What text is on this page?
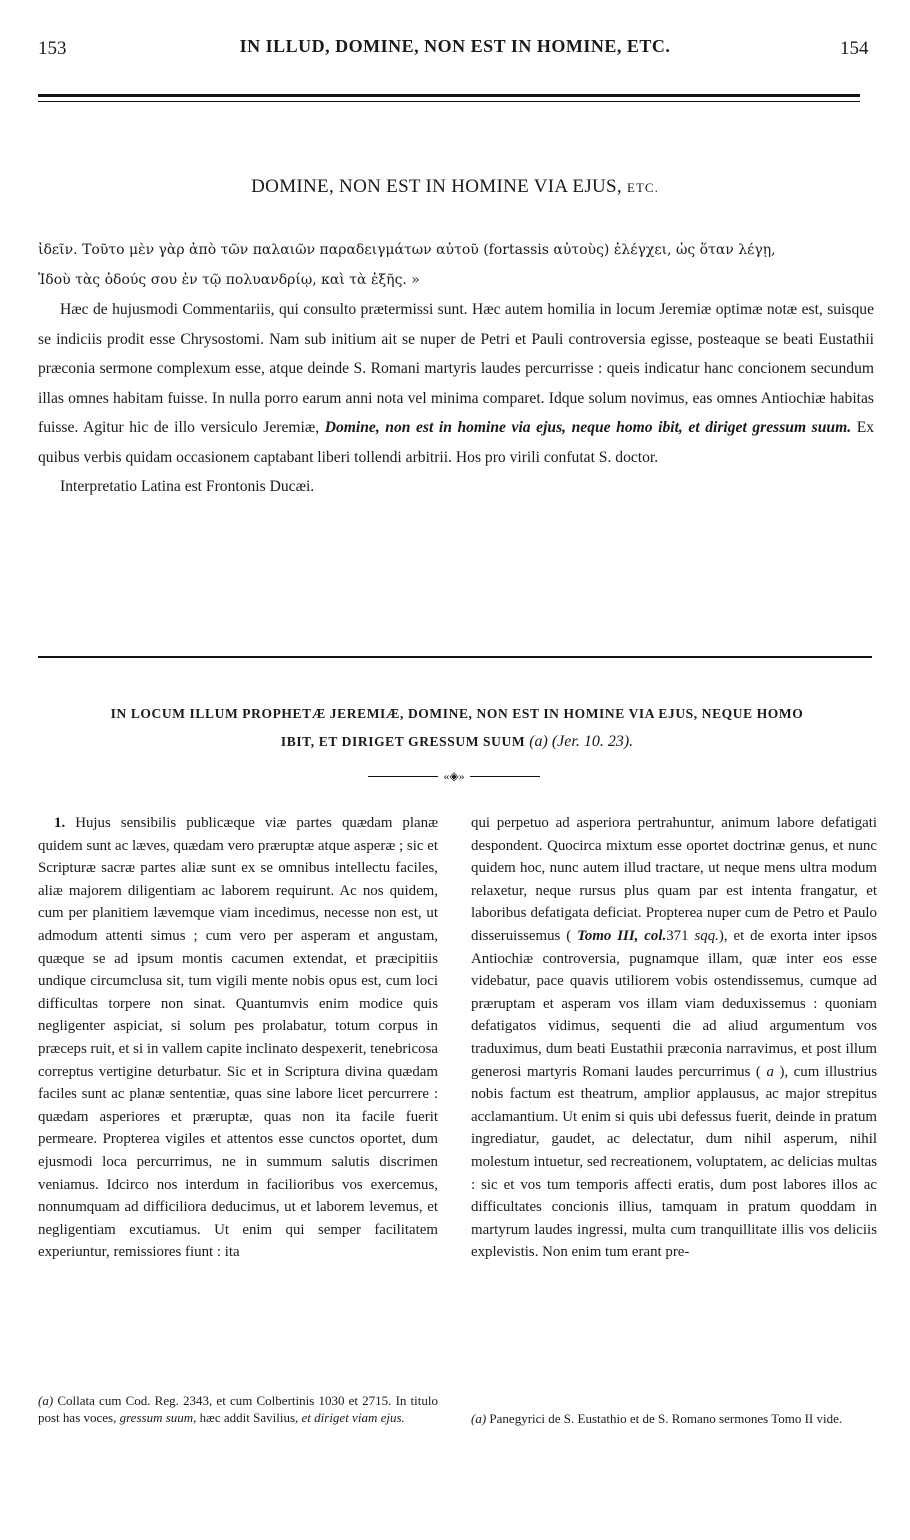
153	IN ILLUD, DOMINE, NON EST IN HOMINE, ETC.	154
DOMINE, NON EST IN HOMINE VIA EJUS, ETC.

ἰδεῖν. Τοῦτο μὲν γὰρ ἀπὸ τῶν παλαιῶν παραδειγμάτων αὐτοῦ (fortassis αὐτοὺς) ἐλέγχει, ὡς ὅταν λέγῃ,

Ἰδοὺ τὰς ὁδούς σου ἐν τῷ πολυανδρίῳ, καὶ τὰ ἑξῆς. »

Hæc de hujusmodi Commentariis, qui consulto prætermissi sunt. Hæc autem homilia in locum Jeremiæ optimæ notæ est, suisque se indiciis prodit esse Chrysostomi. Nam sub initium ait se nuper de Petri et Pauli controversia egisse, posteaque se beati Eustathii præconia sermone complexum esse, atque deinde S. Romani martyris laudes percurrisse : queis indicatur hanc concionem secundum illas omnes habitam fuisse. In nulla porro earum anni nota vel minima comparet. Idque solum novimus, eas omnes Antiochiæ habitas fuisse. Agitur hic de illo versiculo Jeremiæ, Domine, non est in homine via ejus, neque homo ibit, et diriget gressum suum. Ex quibus verbis quidam occasionem captabant liberi tollendi arbitrii. Hos pro virili confutat S. doctor.

Interpretatio Latina est Frontonis Ducæi.

IN LOCUM ILLUM PROPHETÆ JEREMIÆ, DOMINE, NON EST IN HOMINE VIA EJUS, NEQUE HOMO
IBIT, ET DIRIGET GRESSUM SUUM (a) (Jer. 10. 23).
«◈»

1. Hujus sensibilis publicæque viæ partes quædam planæ quidem sunt ac læves, quædam vero præruptæ atque asperæ ; sic et Scripturæ sacræ partes aliæ sunt ex se omnibus intellectu faciles, aliæ majorem diligentiam ac laborem requirunt. Ac nos quidem, cum per planitiem lævemque viam incedimus, necesse non est, ut admodum attenti simus ; cum vero per asperam et angustam, quæque se ad ipsum montis cacumen extendat, et præcipitiis undique circumclusa sit, tum vigili mente nobis opus est, cum loci difficultas torpere non sinat. Quantumvis enim modice quis negligenter aspiciat, si solum pes prolabatur, totum corpus in præceps ruit, et si in vallem capite inclinato despexerit, tenebricosa correptus vertigine deturbatur. Sic et in Scriptura divina quædam faciles sunt ac planæ sententiæ, quas sine labore licet percurrere : quædam asperiores et præruptæ, quas non ita facile fuerit permeare. Propterea vigiles et attentos esse cunctos oportet, dum ejusmodi loca percurrimus, ne in summum salutis discrimen veniamus. Idcirco nos interdum in facilioribus vos exercemus, nonnumquam ad difficiliora deducimus, ut et laborem levemus, et negligentiam excutiamus. Ut enim qui semper facilitatem experiuntur, remissiores fiunt : ita

qui perpetuo ad asperiora pertrahuntur, animum labore defatigati despondent. Quocirca mixtum esse oportet doctrinæ genus, et nunc quidem hoc, nunc autem illud tractare, ut neque mens ultra modum relaxetur, neque rursus plus quam par est intenta frangatur, et laboribus defatigata deficiat. Propterea nuper cum de Petro et Paulo disseruissemus ( Tomo III, col.371 sqq.), et de exorta inter ipsos Antiochiæ controversia, pugnamque illam, quæ inter eos esse videbatur, pace quavis utiliorem vobis ostendissemus, cumque ad præruptam et asperam vos illam viam deduxissemus : quoniam defatigatos vidimus, sequenti die ad aliud argumentum vos traduximus, dum beati Eustathii præconia narravimus, et post illum generosi martyris Romani laudes percurrimus ( a ), cum illustrius nobis factum est theatrum, amplior applausus, ac major strepitus acclamantium. Ut enim si quis ubi defessus fuerit, deinde in pratum ingrediatur, gaudet, ac delectatur, dum nihil asperum, nihil molestum intuetur, sed recreationem, voluptatem, ac delicias multas : sic et vos tum temporis affecti eratis, dum post labores illos ac difficultates concionis illius, tamquam in pratum quoddam in martyrum laudes ingressi, multa cum tranquillitate illis vos deliciis explevistis. Non enim tum erant pre-

(a) Collata cum Cod. Reg. 2343, et cum Colbertinis 1030 et 2715. In titulo post has voces, gressum suum, hæc addit Savilius, et diriget viam ejus.	(a) Panegyrici de S. Eustathio et de S. Romano sermones Tomo II vide.
